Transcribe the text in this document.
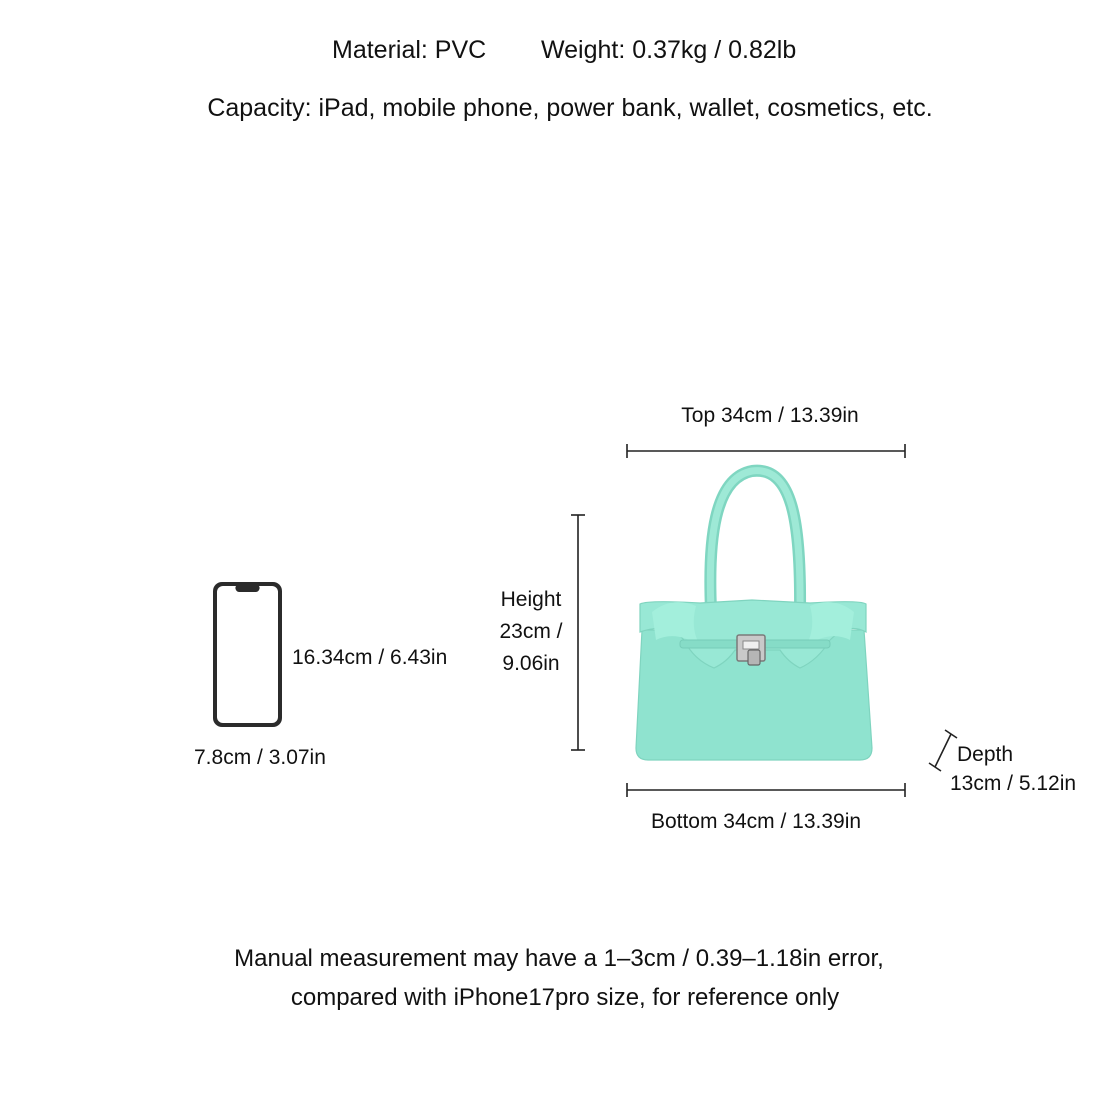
Material: PVC Weight: 0.37kg / 0.82lb
Capacity: iPad, mobile phone, power bank, wallet, cosmetics, etc.
16.34cm / 6.43in
7.8cm / 3.07in
Top 34cm / 13.39in
Height
23cm /
9.06in
Bottom 34cm / 13.39in
Depth
13cm / 5.12in
Manual measurement may have a 1–3cm / 0.39–1.18in error,
compared with iPhone17pro size, for reference only
